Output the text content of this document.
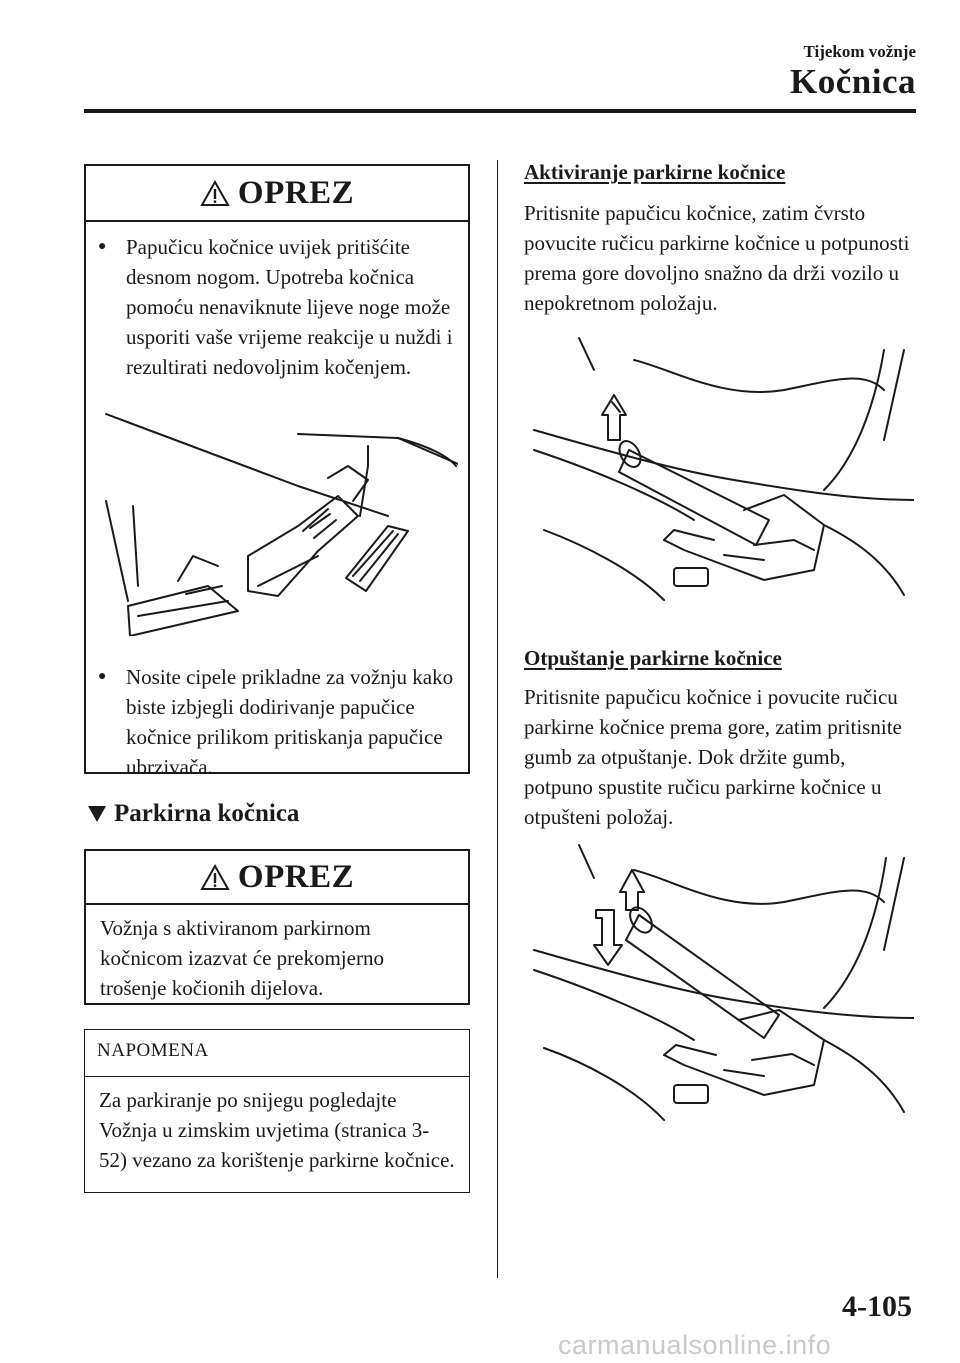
Tijekom vožnje
Kočnica
OPREZ
● Papučicu kočnice uvijek pritišćite desnom nogom. Upotreba kočnica pomoću nenaviknute lijeve noge može usporiti vaše vrijeme reakcije u nuždi i rezultirati nedovoljnim kočenjem.
● Nosite cipele prikladne za vožnju kako biste izbjegli dodirivanje papučice kočnice prilikom pritiskanja papučice ubrzivača.
Parkirna kočnica
OPREZ
Vožnja s aktiviranom parkirnom kočnicom izazvat će prekomjerno trošenje kočionih dijelova.
NAPOMENA
Za parkiranje po snijegu pogledajte Vožnja u zimskim uvjetima (stranica 3-52) vezano za korištenje parkirne kočnice.
Aktiviranje parkirne kočnice
Pritisnite papučicu kočnice, zatim čvrsto povucite ručicu parkirne kočnice u potpunosti prema gore dovoljno snažno da drži vozilo u nepokretnom položaju.
Otpuštanje parkirne kočnice
Pritisnite papučicu kočnice i povucite ručicu parkirne kočnice prema gore, zatim pritisnite gumb za otpuštanje. Dok držite gumb, potpuno spustite ručicu parkirne kočnice u otpušteni položaj.
4-105
carmanualsonline.info
